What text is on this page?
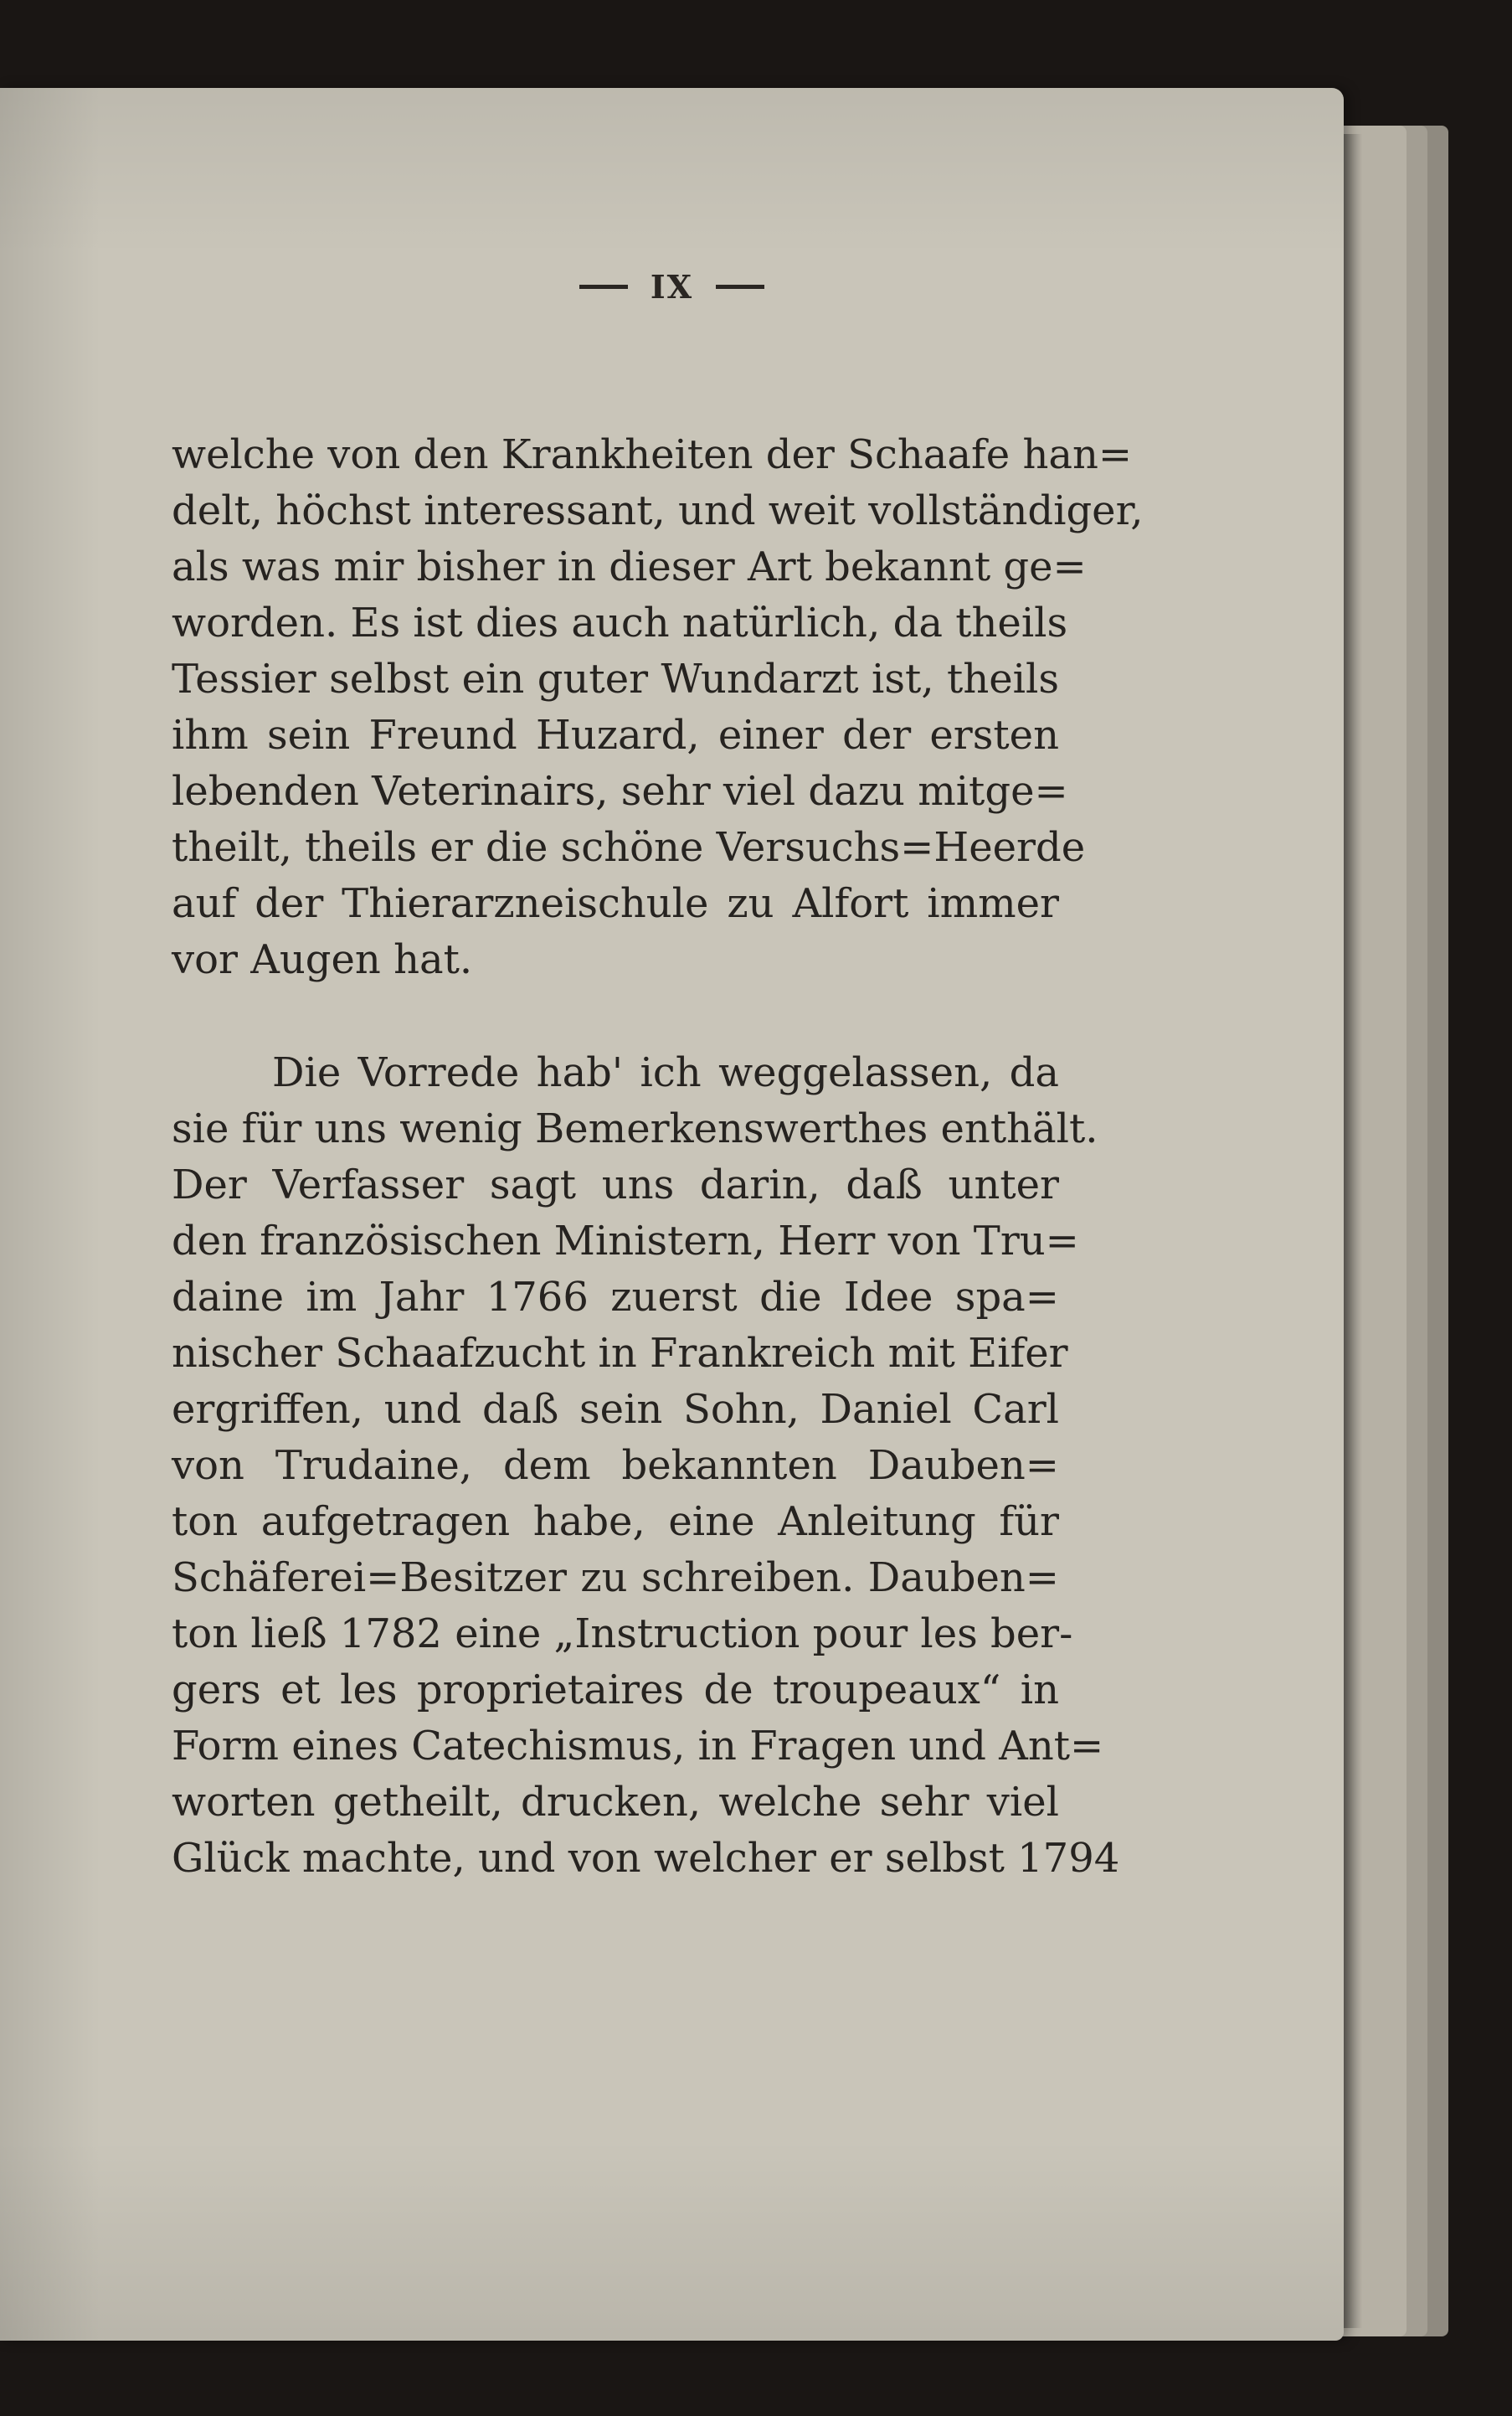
IX
welche von den Krankheiten der Schaafe han=
delt, höchst interessant, und weit vollständiger,
als was mir bisher in dieser Art bekannt ge=
worden. Es ist dies auch natürlich, da theils
Tessier selbst ein guter Wundarzt ist, theils
ihm sein Freund Huzard, einer der ersten
lebenden Veterinairs, sehr viel dazu mitge=
theilt, theils er die schöne Versuchs=Heerde
auf der Thierarzneischule zu Alfort immer
vor Augen hat.
Die Vorrede hab' ich weggelassen, da
sie für uns wenig Bemerkenswerthes enthält.
Der Verfasser sagt uns darin, daß unter
den französischen Ministern, Herr von Tru=
daine im Jahr 1766 zuerst die Idee spa=
nischer Schaafzucht in Frankreich mit Eifer
ergriffen, und daß sein Sohn, Daniel Carl
von Trudaine, dem bekannten Dauben=
ton aufgetragen habe, eine Anleitung für
Schäferei=Besitzer zu schreiben. Dauben=
ton ließ 1782 eine „Instruction pour les ber-
gers et les proprietaires de troupeaux“ in
Form eines Catechismus, in Fragen und Ant=
worten getheilt, drucken, welche sehr viel
Glück machte, und von welcher er selbst 1794
